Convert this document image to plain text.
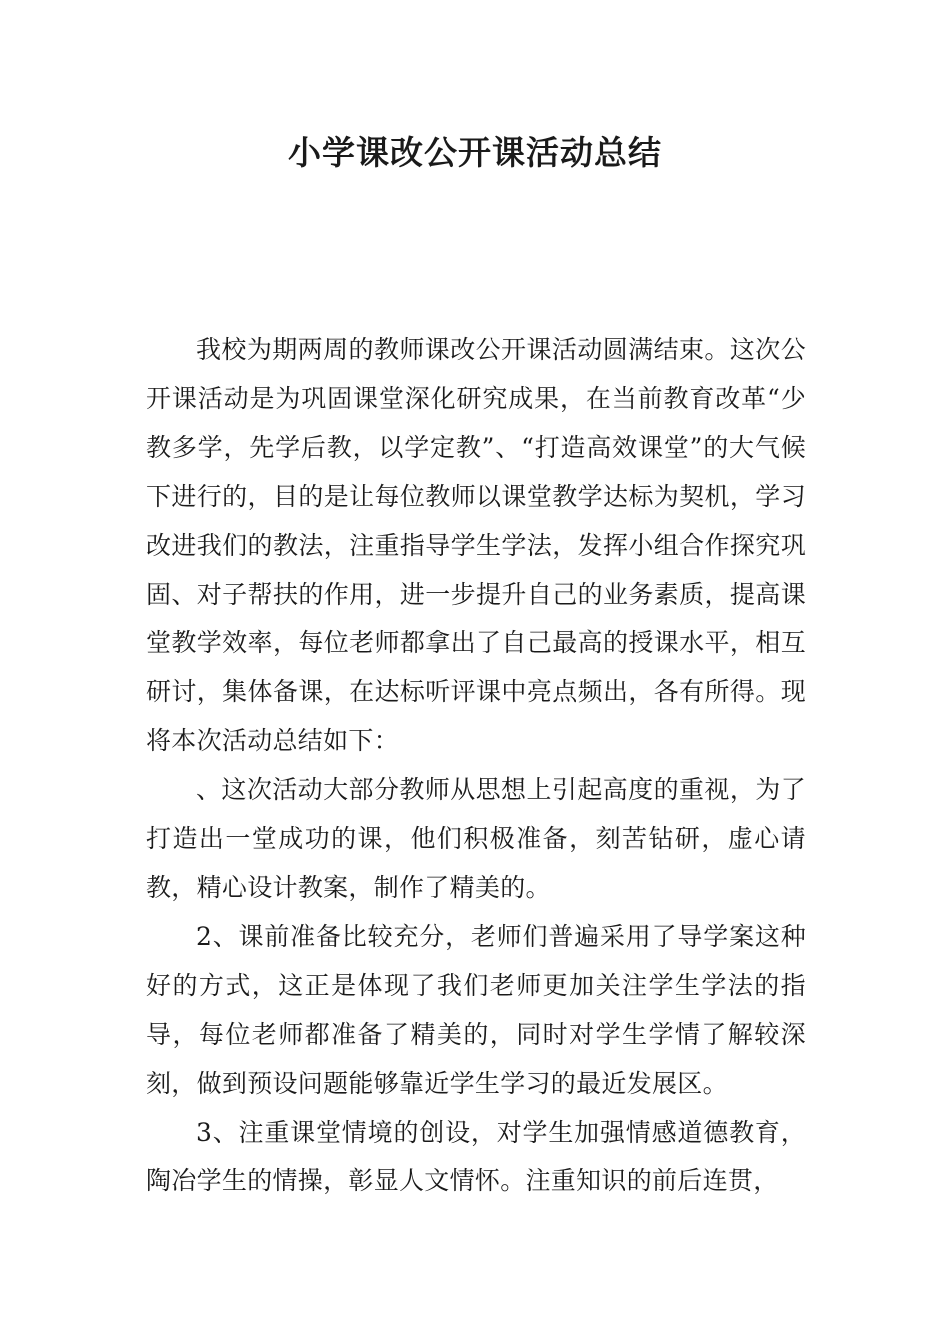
小学课改公开课活动总结

我校为期两周的教师课改公开课活动圆满结束。这次公开课活动是为巩固课堂深化研究成果，在当前教育改革“少教多学，先学后教，以学定教”、“打造高效课堂”的大气候下进行的，目的是让每位教师以课堂教学达标为契机，学习改进我们的教法，注重指导学生学法，发挥小组合作探究巩固、对子帮扶的作用，进一步提升自己的业务素质，提高课堂教学效率，每位老师都拿出了自己最高的授课水平，相互研讨，集体备课，在达标听评课中亮点频出，各有所得。现将本次活动总结如下：

、这次活动大部分教师从思想上引起高度的重视，为了打造出一堂成功的课，他们积极准备，刻苦钻研，虚心请教，精心设计教案，制作了精美的。

2、课前准备比较充分，老师们普遍采用了导学案这种好的方式，这正是体现了我们老师更加关注学生学法的指导，每位老师都准备了精美的，同时对学生学情了解较深刻，做到预设问题能够靠近学生学习的最近发展区。

3、注重课堂情境的创设，对学生加强情感道德教育，陶冶学生的情操，彰显人文情怀。注重知识的前后连贯，
